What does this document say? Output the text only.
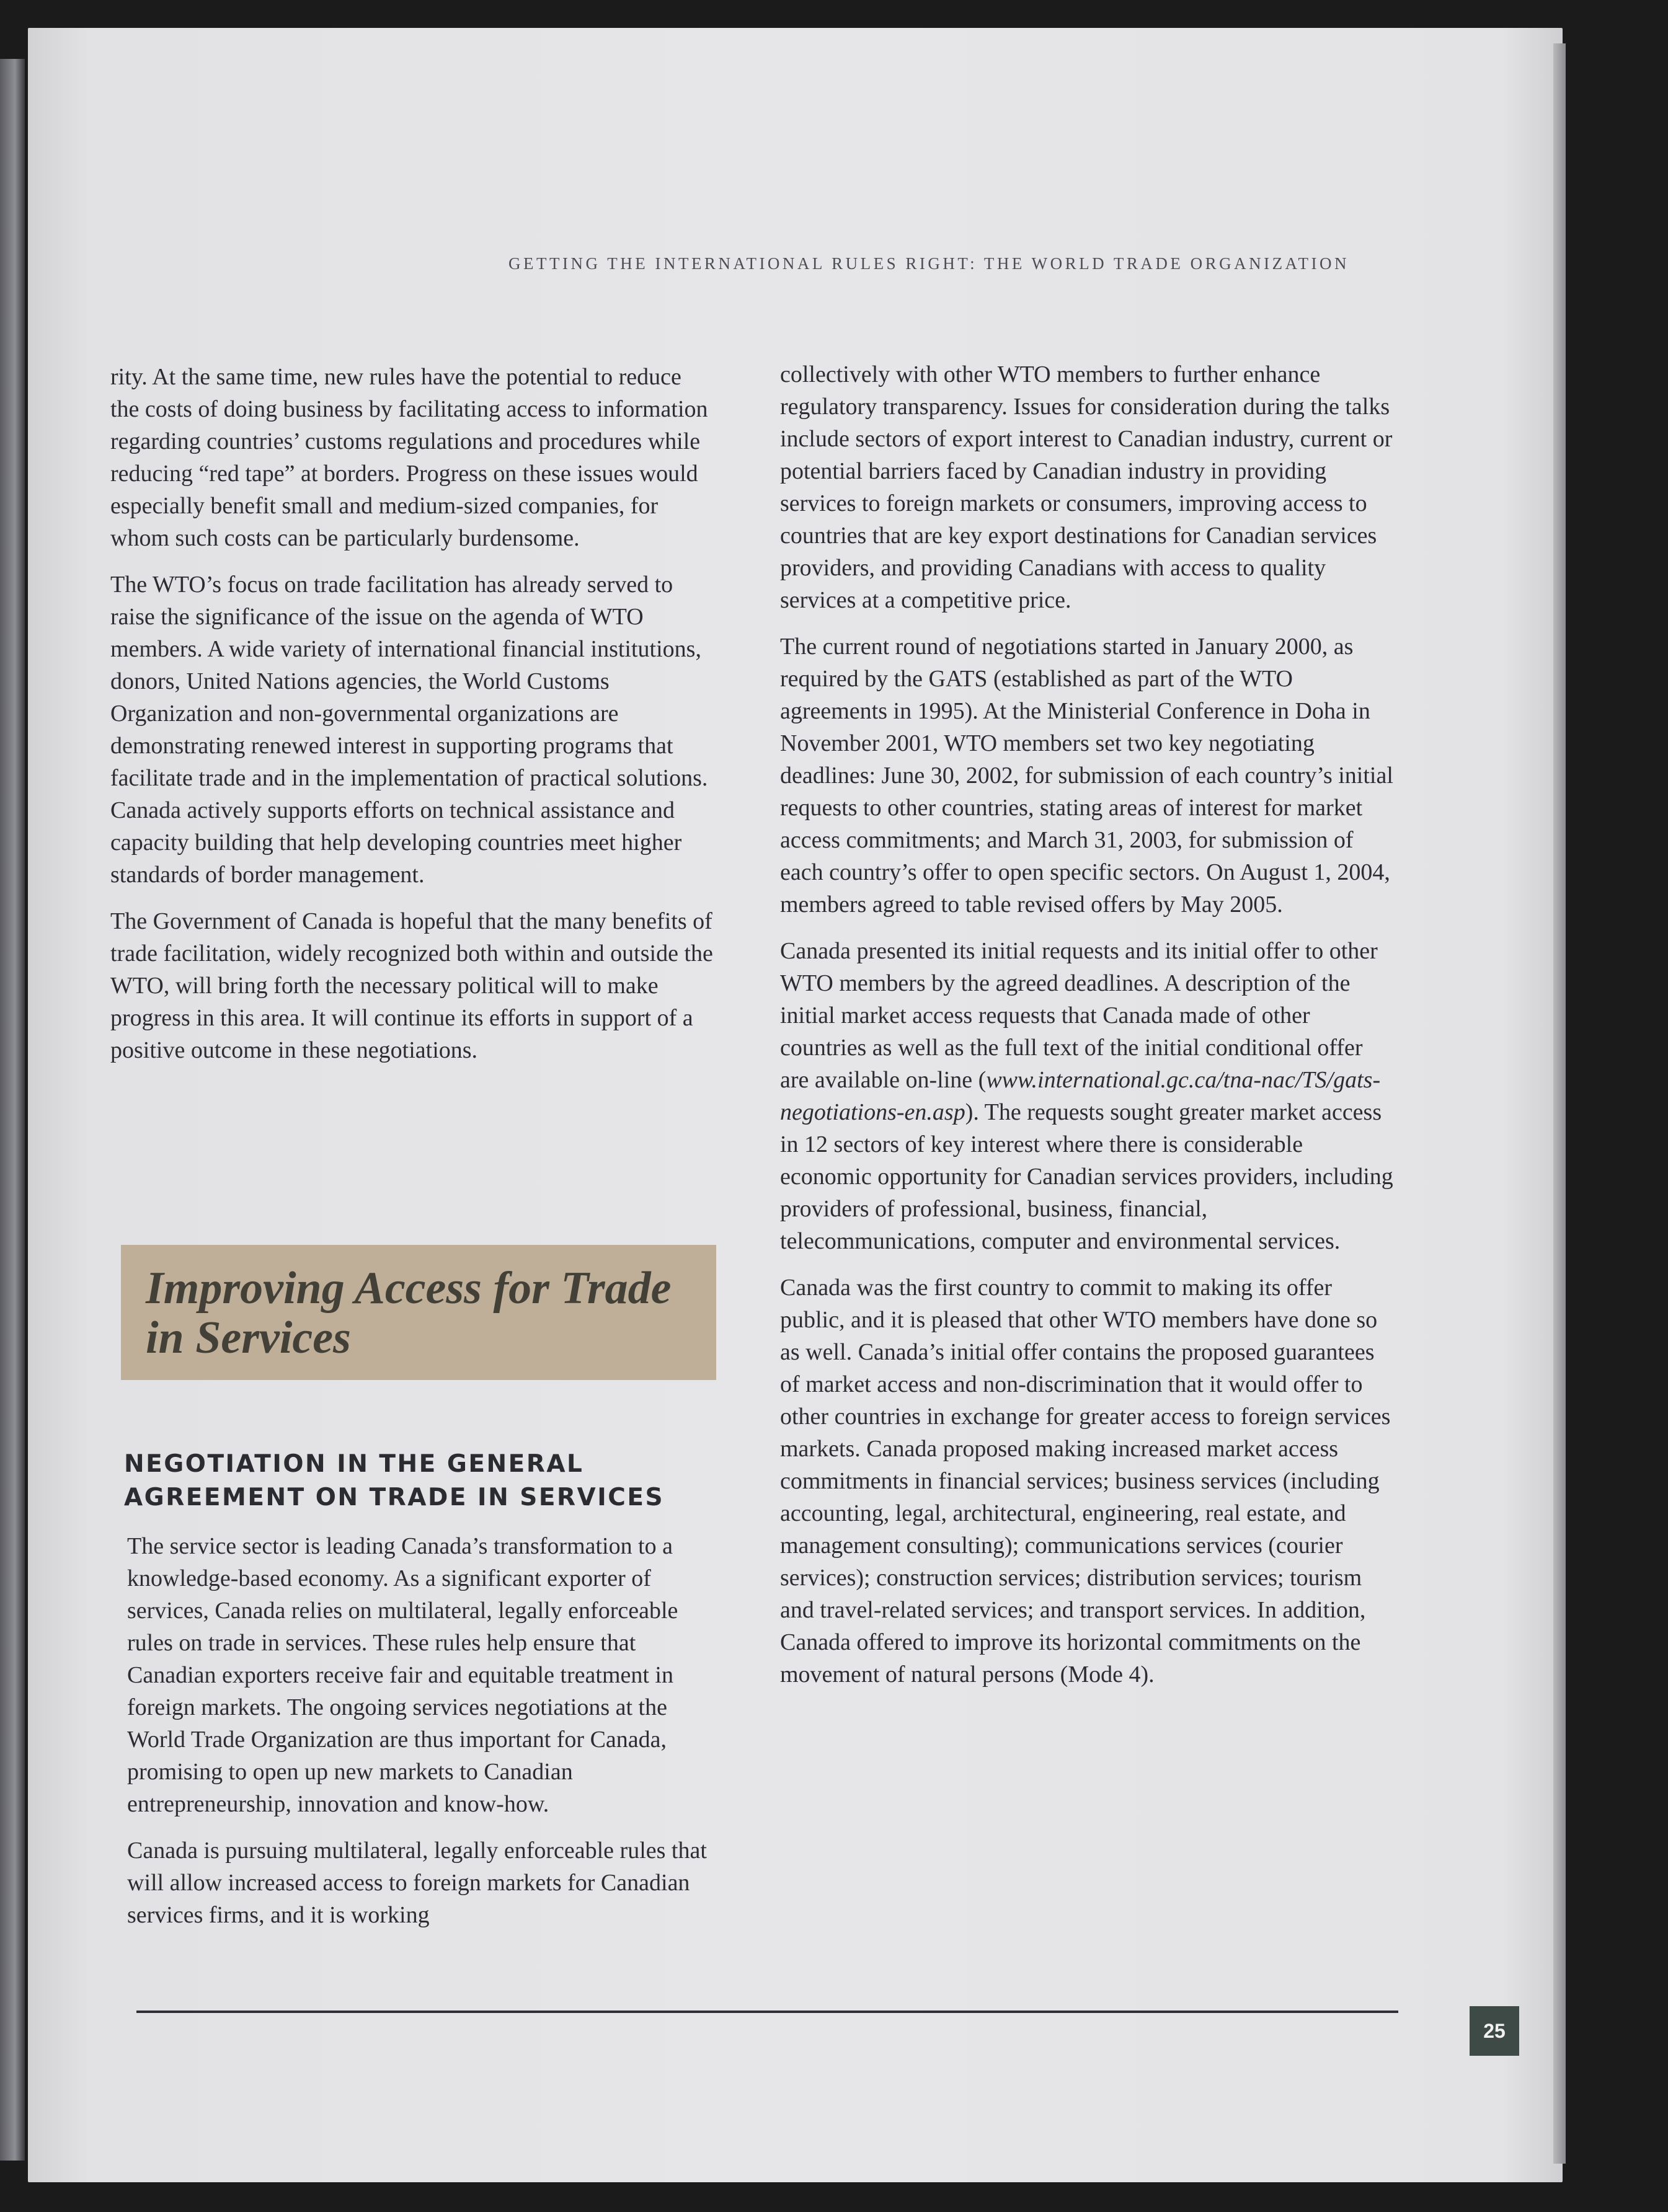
GETTING THE INTERNATIONAL RULES RIGHT: THE WORLD TRADE ORGANIZATION

rity. At the same time, new rules have the potential to reduce the costs of doing business by facilitating access to information regarding countries’ customs regulations and procedures while reducing “red tape” at borders. Progress on these issues would especially benefit small and medium-sized companies, for whom such costs can be particularly burdensome.

The WTO’s focus on trade facilitation has already served to raise the significance of the issue on the agenda of WTO members. A wide variety of international financial institutions, donors, United Nations agencies, the World Customs Organization and non-governmental organizations are demonstrating renewed interest in supporting programs that facilitate trade and in the implementation of practical solutions. Canada actively supports efforts on technical assistance and capacity building that help developing countries meet higher standards of border management.

The Government of Canada is hopeful that the many benefits of trade facilitation, widely recognized both within and outside the WTO, will bring forth the necessary political will to make progress in this area. It will continue its efforts in support of a positive outcome in these negotiations.

Improving Access for Trade in Services
NEGOTIATION IN THE GENERAL AGREEMENT ON TRADE IN SERVICES

The service sector is leading Canada’s transformation to a knowledge-based economy. As a significant exporter of services, Canada relies on multilateral, legally enforceable rules on trade in services. These rules help ensure that Canadian exporters receive fair and equitable treatment in foreign markets. The ongoing services negotiations at the World Trade Organization are thus important for Canada, promising to open up new markets to Canadian entrepreneurship, innovation and know-how.

Canada is pursuing multilateral, legally enforceable rules that will allow increased access to foreign markets for Canadian services firms, and it is working

collectively with other WTO members to further enhance regulatory transparency. Issues for consideration during the talks include sectors of export interest to Canadian industry, current or potential barriers faced by Canadian industry in providing services to foreign markets or consumers, improving access to countries that are key export destinations for Canadian services providers, and providing Canadians with access to quality services at a competitive price.

The current round of negotiations started in January 2000, as required by the GATS (established as part of the WTO agreements in 1995). At the Ministerial Conference in Doha in November 2001, WTO members set two key negotiating deadlines: June 30, 2002, for submission of each country’s initial requests to other countries, stating areas of interest for market access commitments; and March 31, 2003, for submission of each country’s offer to open specific sectors. On August 1, 2004, members agreed to table revised offers by May 2005.

Canada presented its initial requests and its initial offer to other WTO members by the agreed deadlines. A description of the initial market access requests that Canada made of other countries as well as the full text of the initial conditional offer are available on-line (www.international.gc.ca/tna-nac/TS/gats-negotiations-en.asp). The requests sought greater market access in 12 sectors of key interest where there is considerable economic opportunity for Canadian services providers, including providers of professional, business, financial, telecommunications, computer and environmental services.

Canada was the first country to commit to making its offer public, and it is pleased that other WTO members have done so as well. Canada’s initial offer contains the proposed guarantees of market access and non-discrimination that it would offer to other countries in exchange for greater access to foreign services markets. Canada proposed making increased market access commitments in financial services; business services (including accounting, legal, architectural, engineering, real estate, and management consulting); communications services (courier services); construction services; distribution services; tourism and travel-related services; and transport services. In addition, Canada offered to improve its horizontal commitments on the movement of natural persons (Mode 4).

25
